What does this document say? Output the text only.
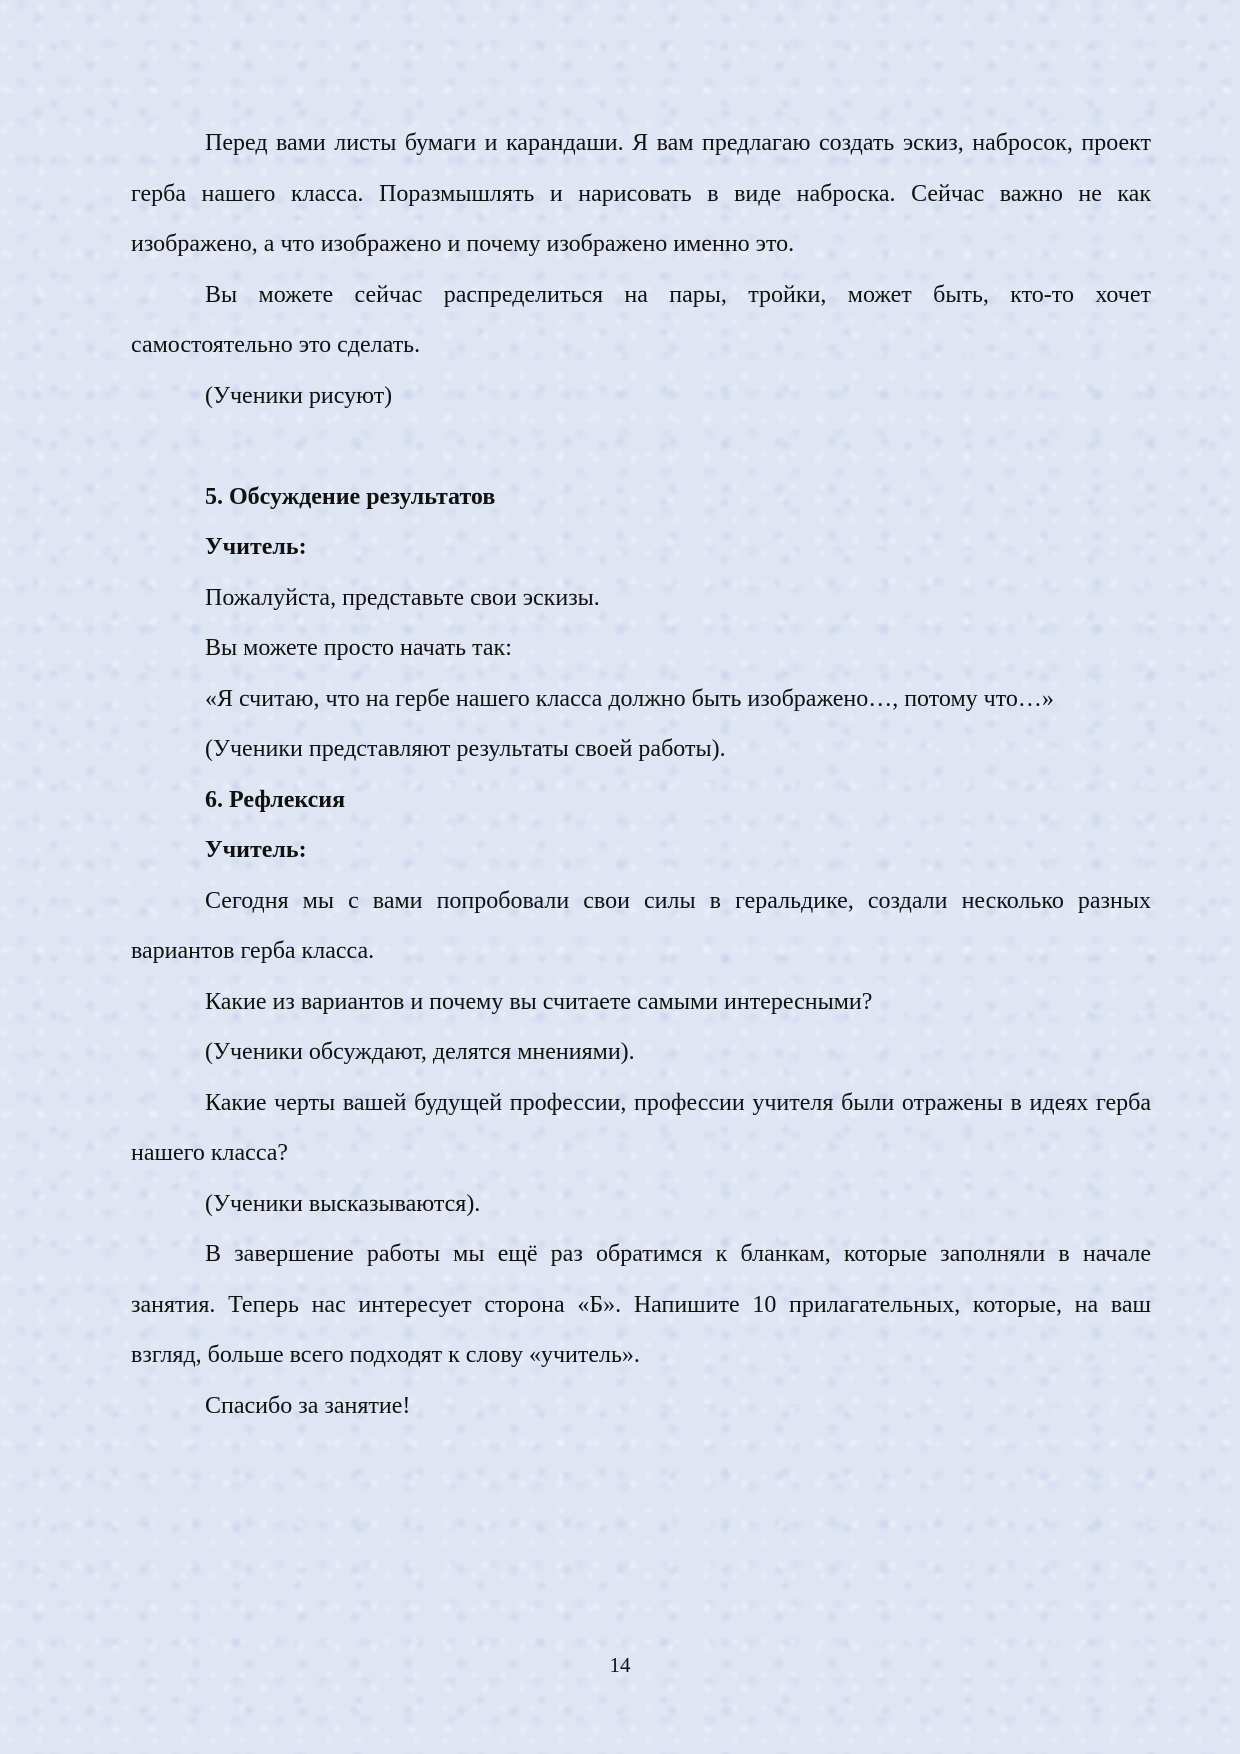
Перед вами листы бумаги и карандаши. Я вам предлагаю создать эскиз, набросок, проект герба нашего класса. Поразмышлять и нарисовать в виде наброска. Сейчас важно не как изображено, а что изображено и почему изображено именно это.

Вы можете сейчас распределиться на пары, тройки, может быть, кто-то хочет самостоятельно это сделать.

(Ученики рисуют)

5. Обсуждение результатов

Учитель:

Пожалуйста, представьте свои эскизы.

Вы можете просто начать так:

«Я считаю, что на гербе нашего класса должно быть изображено…, потому что…»

(Ученики представляют результаты своей работы).

6. Рефлексия

Учитель:

Сегодня мы с вами попробовали свои силы в геральдике, создали несколько разных вариантов герба класса.

Какие из вариантов и почему вы считаете самыми интересными?

(Ученики обсуждают, делятся мнениями).

Какие черты вашей будущей профессии, профессии учителя были отражены в идеях герба нашего класса?

(Ученики высказываются).

В завершение работы мы ещё раз обратимся к бланкам, которые заполняли в начале занятия. Теперь нас интересует сторона «Б». Напишите 10 прилагательных, которые, на ваш взгляд, больше всего подходят к слову «учитель».

Спасибо за занятие!

14
